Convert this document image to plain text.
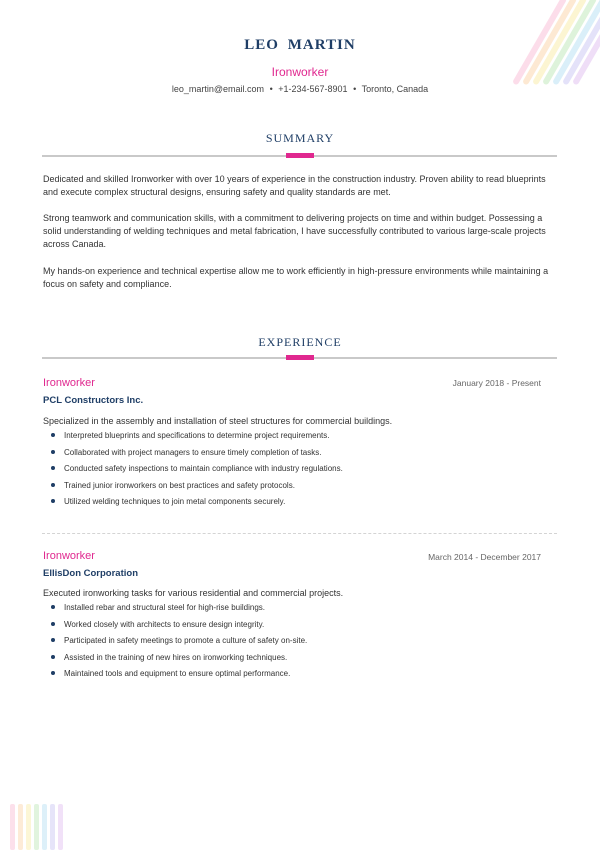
LEO MARTIN
Ironworker
leo_martin@email.com • +1-234-567-8901 • Toronto, Canada
SUMMARY
Dedicated and skilled Ironworker with over 10 years of experience in the construction industry. Proven ability to read blueprints and execute complex structural designs, ensuring safety and quality standards are met.
Strong teamwork and communication skills, with a commitment to delivering projects on time and within budget. Possessing a solid understanding of welding techniques and metal fabrication, I have successfully contributed to various large-scale projects across Canada.
My hands-on experience and technical expertise allow me to work efficiently in high-pressure environments while maintaining a focus on safety and compliance.
EXPERIENCE
Ironworker	January 2018 - Present
PCL Constructors Inc.
Specialized in the assembly and installation of steel structures for commercial buildings.
Interpreted blueprints and specifications to determine project requirements.
Collaborated with project managers to ensure timely completion of tasks.
Conducted safety inspections to maintain compliance with industry regulations.
Trained junior ironworkers on best practices and safety protocols.
Utilized welding techniques to join metal components securely.
Ironworker	March 2014 - December 2017
EllisDon Corporation
Executed ironworking tasks for various residential and commercial projects.
Installed rebar and structural steel for high-rise buildings.
Worked closely with architects to ensure design integrity.
Participated in safety meetings to promote a culture of safety on-site.
Assisted in the training of new hires on ironworking techniques.
Maintained tools and equipment to ensure optimal performance.
